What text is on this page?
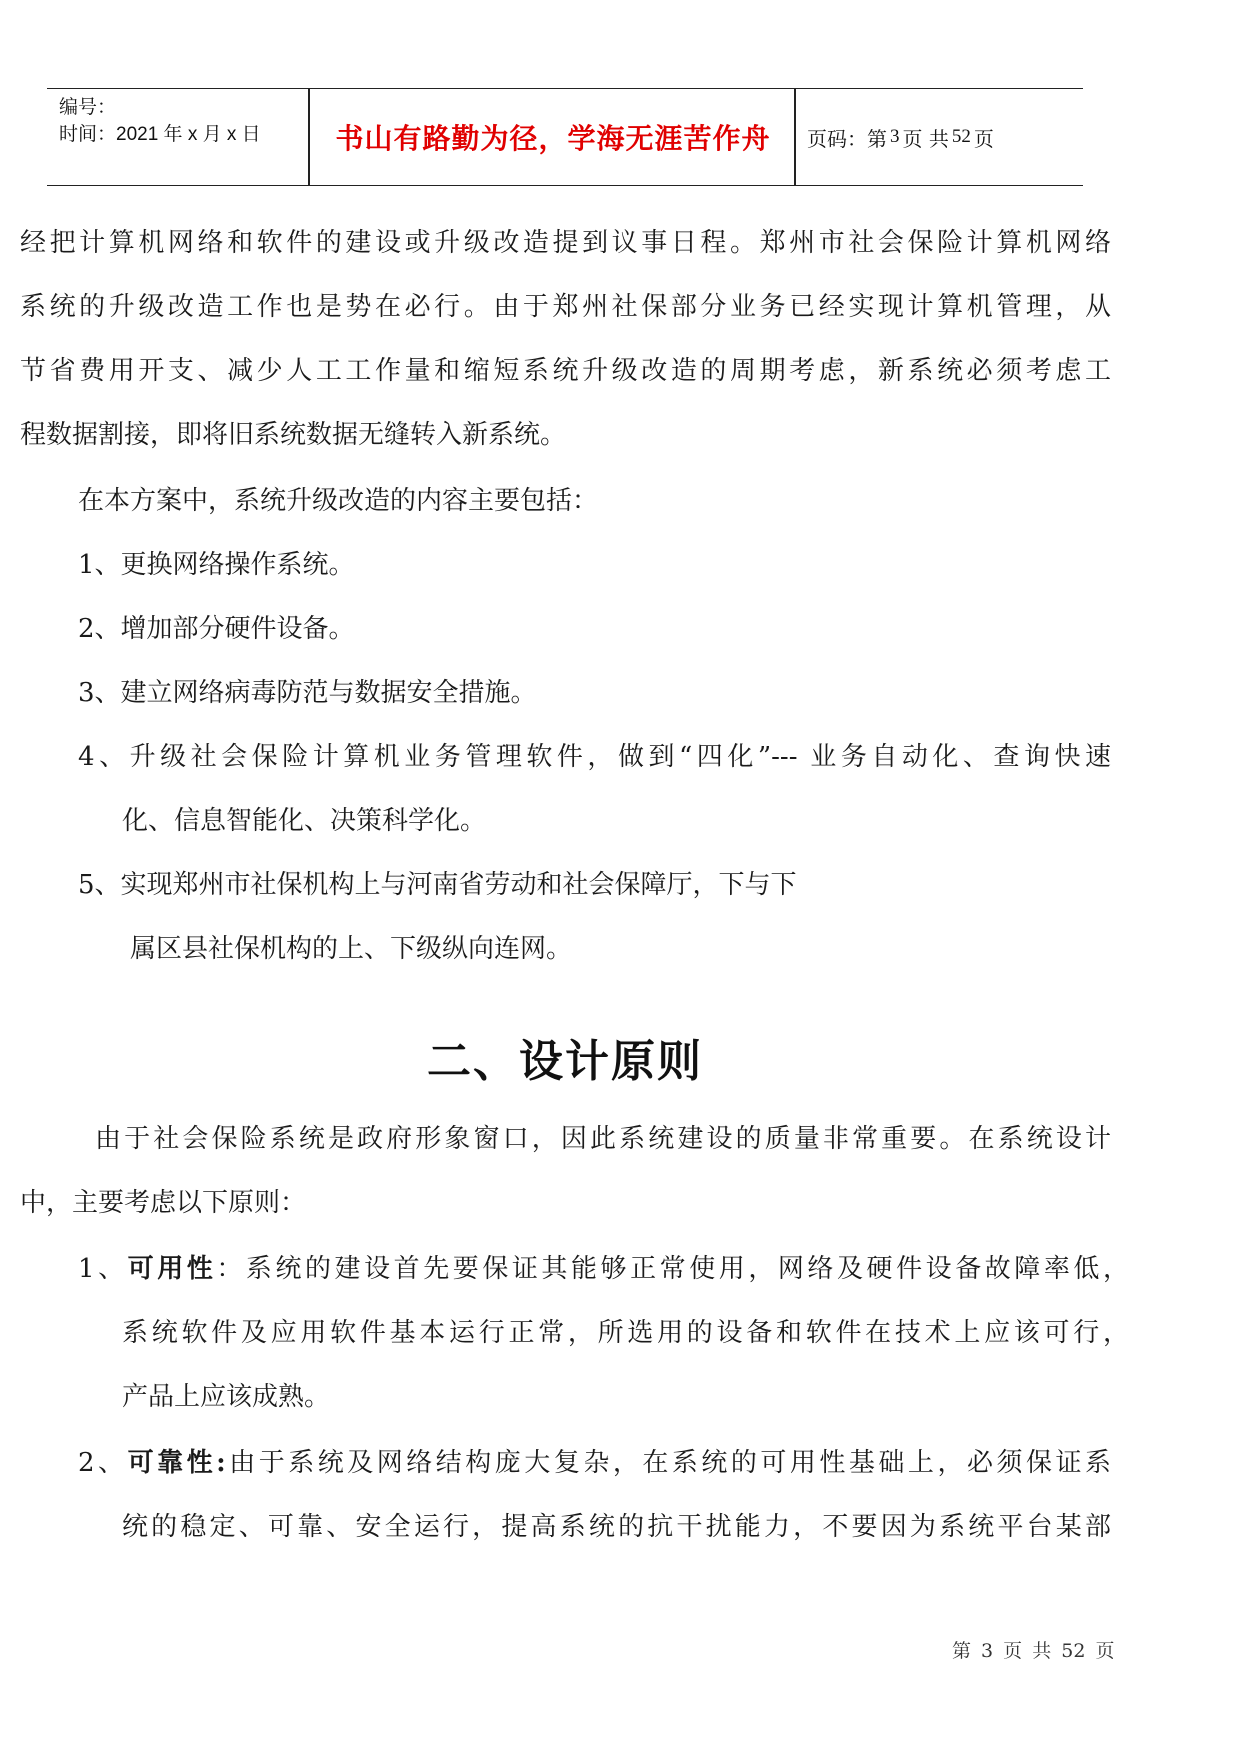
编号：
时间：2021 年 x 月 x 日	书山有路勤为径，学海无涯苦作舟	页码：第 3 页 共 52 页
经把计算机网络和软件的建设或升级改造提到议事日程。郑州市社会保险计算机网络
系统的升级改造工作也是势在必行。由于郑州社保部分业务已经实现计算机管理，从
节省费用开支、减少人工工作量和缩短系统升级改造的周期考虑，新系统必须考虑工
程数据割接，即将旧系统数据无缝转入新系统。
在本方案中，系统升级改造的内容主要包括：
1、更换网络操作系统。
2、增加部分硬件设备。
3、建立网络病毒防范与数据安全措施。
4、升级社会保险计算机业务管理软件，做到“四化”--- 业务自动化、查询快速
化、信息智能化、决策科学化。
5、实现郑州市社保机构上与河南省劳动和社会保障厅，下与下
属区县社保机构的上、下级纵向连网。
二、设计原则
由于社会保险系统是政府形象窗口，因此系统建设的质量非常重要。在系统设计
中，主要考虑以下原则：
1、可用性：系统的建设首先要保证其能够正常使用，网络及硬件设备故障率低，
系统软件及应用软件基本运行正常，所选用的设备和软件在技术上应该可行，
产品上应该成熟。
2、可靠性:由于系统及网络结构庞大复杂，在系统的可用性基础上，必须保证系
统的稳定、可靠、安全运行，提高系统的抗干扰能力，不要因为系统平台某部
第 3 页 共 52 页
